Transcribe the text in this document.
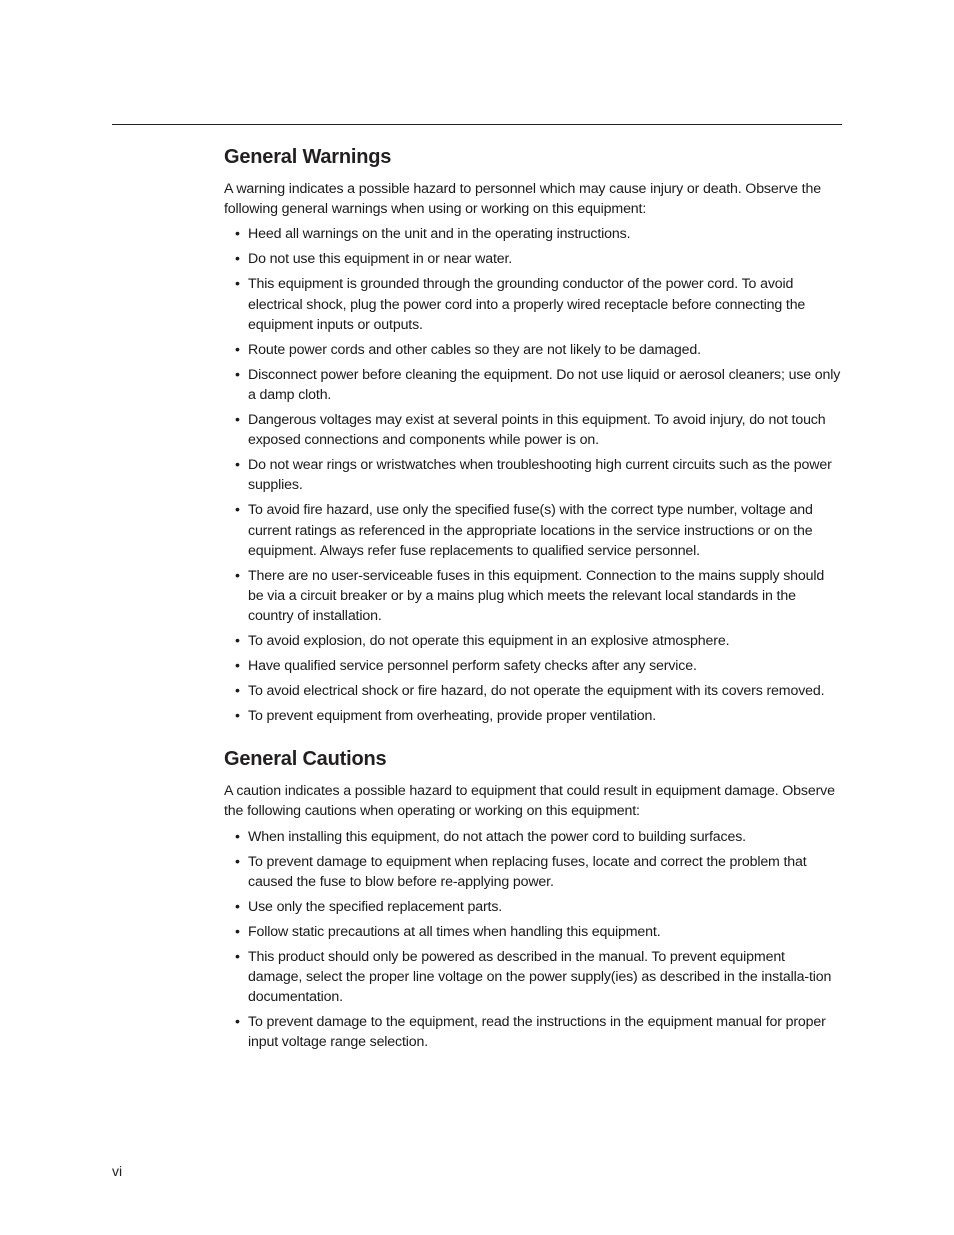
General Warnings

A warning indicates a possible hazard to personnel which may cause injury or death. Observe the following general warnings when using or working on this equipment:

• Heed all warnings on the unit and in the operating instructions.
• Do not use this equipment in or near water.
• This equipment is grounded through the grounding conductor of the power cord. To avoid electrical shock, plug the power cord into a properly wired receptacle before connecting the equipment inputs or outputs.
• Route power cords and other cables so they are not likely to be damaged.
• Disconnect power before cleaning the equipment. Do not use liquid or aerosol cleaners; use only a damp cloth.
• Dangerous voltages may exist at several points in this equipment. To avoid injury, do not touch exposed connections and components while power is on.
• Do not wear rings or wristwatches when troubleshooting high current circuits such as the power supplies.
• To avoid fire hazard, use only the specified fuse(s) with the correct type number, voltage and current ratings as referenced in the appropriate locations in the service instructions or on the equipment. Always refer fuse replacements to qualified service personnel.
• There are no user-serviceable fuses in this equipment. Connection to the mains supply should be via a circuit breaker or by a mains plug which meets the relevant local standards in the country of installation.
• To avoid explosion, do not operate this equipment in an explosive atmosphere.
• Have qualified service personnel perform safety checks after any service.
• To avoid electrical shock or fire hazard, do not operate the equipment with its covers removed.
• To prevent equipment from overheating, provide proper ventilation.
General Cautions

A caution indicates a possible hazard to equipment that could result in equipment damage. Observe the following cautions when operating or working on this equipment:

• When installing this equipment, do not attach the power cord to building surfaces.
• To prevent damage to equipment when replacing fuses, locate and correct the problem that caused the fuse to blow before re-applying power.
• Use only the specified replacement parts.
• Follow static precautions at all times when handling this equipment.
• This product should only be powered as described in the manual. To prevent equipment damage, select the proper line voltage on the power supply(ies) as described in the installa-tion documentation.
• To prevent damage to the equipment, read the instructions in the equipment manual for proper input voltage range selection.
vi
